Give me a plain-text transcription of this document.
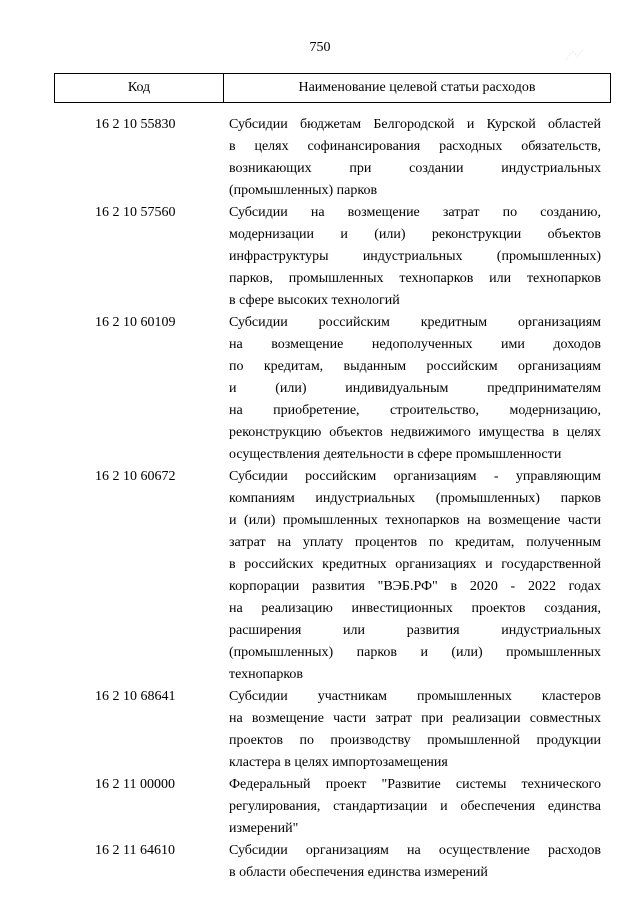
750
Код	Наименование целевой статьи расходов
16 2 10 55830	Субсидии бюджетам Белгородской и Курской областей
в целях софинансирования расходных обязательств,
возникающих при создании индустриальных
(промышленных) парков
16 2 10 57560	Субсидии на возмещение затрат по созданию,
модернизации и (или) реконструкции объектов
инфраструктуры индустриальных (промышленных)
парков, промышленных технопарков или технопарков
в сфере высоких технологий
16 2 10 60109	Субсидии российским кредитным организациям
на возмещение недополученных ими доходов
по кредитам, выданным российским организациям
и (или) индивидуальным предпринимателям
на приобретение, строительство, модернизацию,
реконструкцию объектов недвижимого имущества в целях
осуществления деятельности в сфере промышленности
16 2 10 60672	Субсидии российским организациям - управляющим
компаниям индустриальных (промышленных) парков
и (или) промышленных технопарков на возмещение части
затрат на уплату процентов по кредитам, полученным
в российских кредитных организациях и государственной
корпорации развития "ВЭБ.РФ" в 2020 - 2022 годах
на реализацию инвестиционных проектов создания,
расширения или развития индустриальных
(промышленных) парков и (или) промышленных
технопарков
16 2 10 68641	Субсидии участникам промышленных кластеров
на возмещение части затрат при реализации совместных
проектов по производству промышленной продукции
кластера в целях импортозамещения
16 2 11 00000	Федеральный проект "Развитие системы технического
регулирования, стандартизации и обеспечения единства
измерений"
16 2 11 64610	Субсидии организациям на осуществление расходов
в области обеспечения единства измерений
